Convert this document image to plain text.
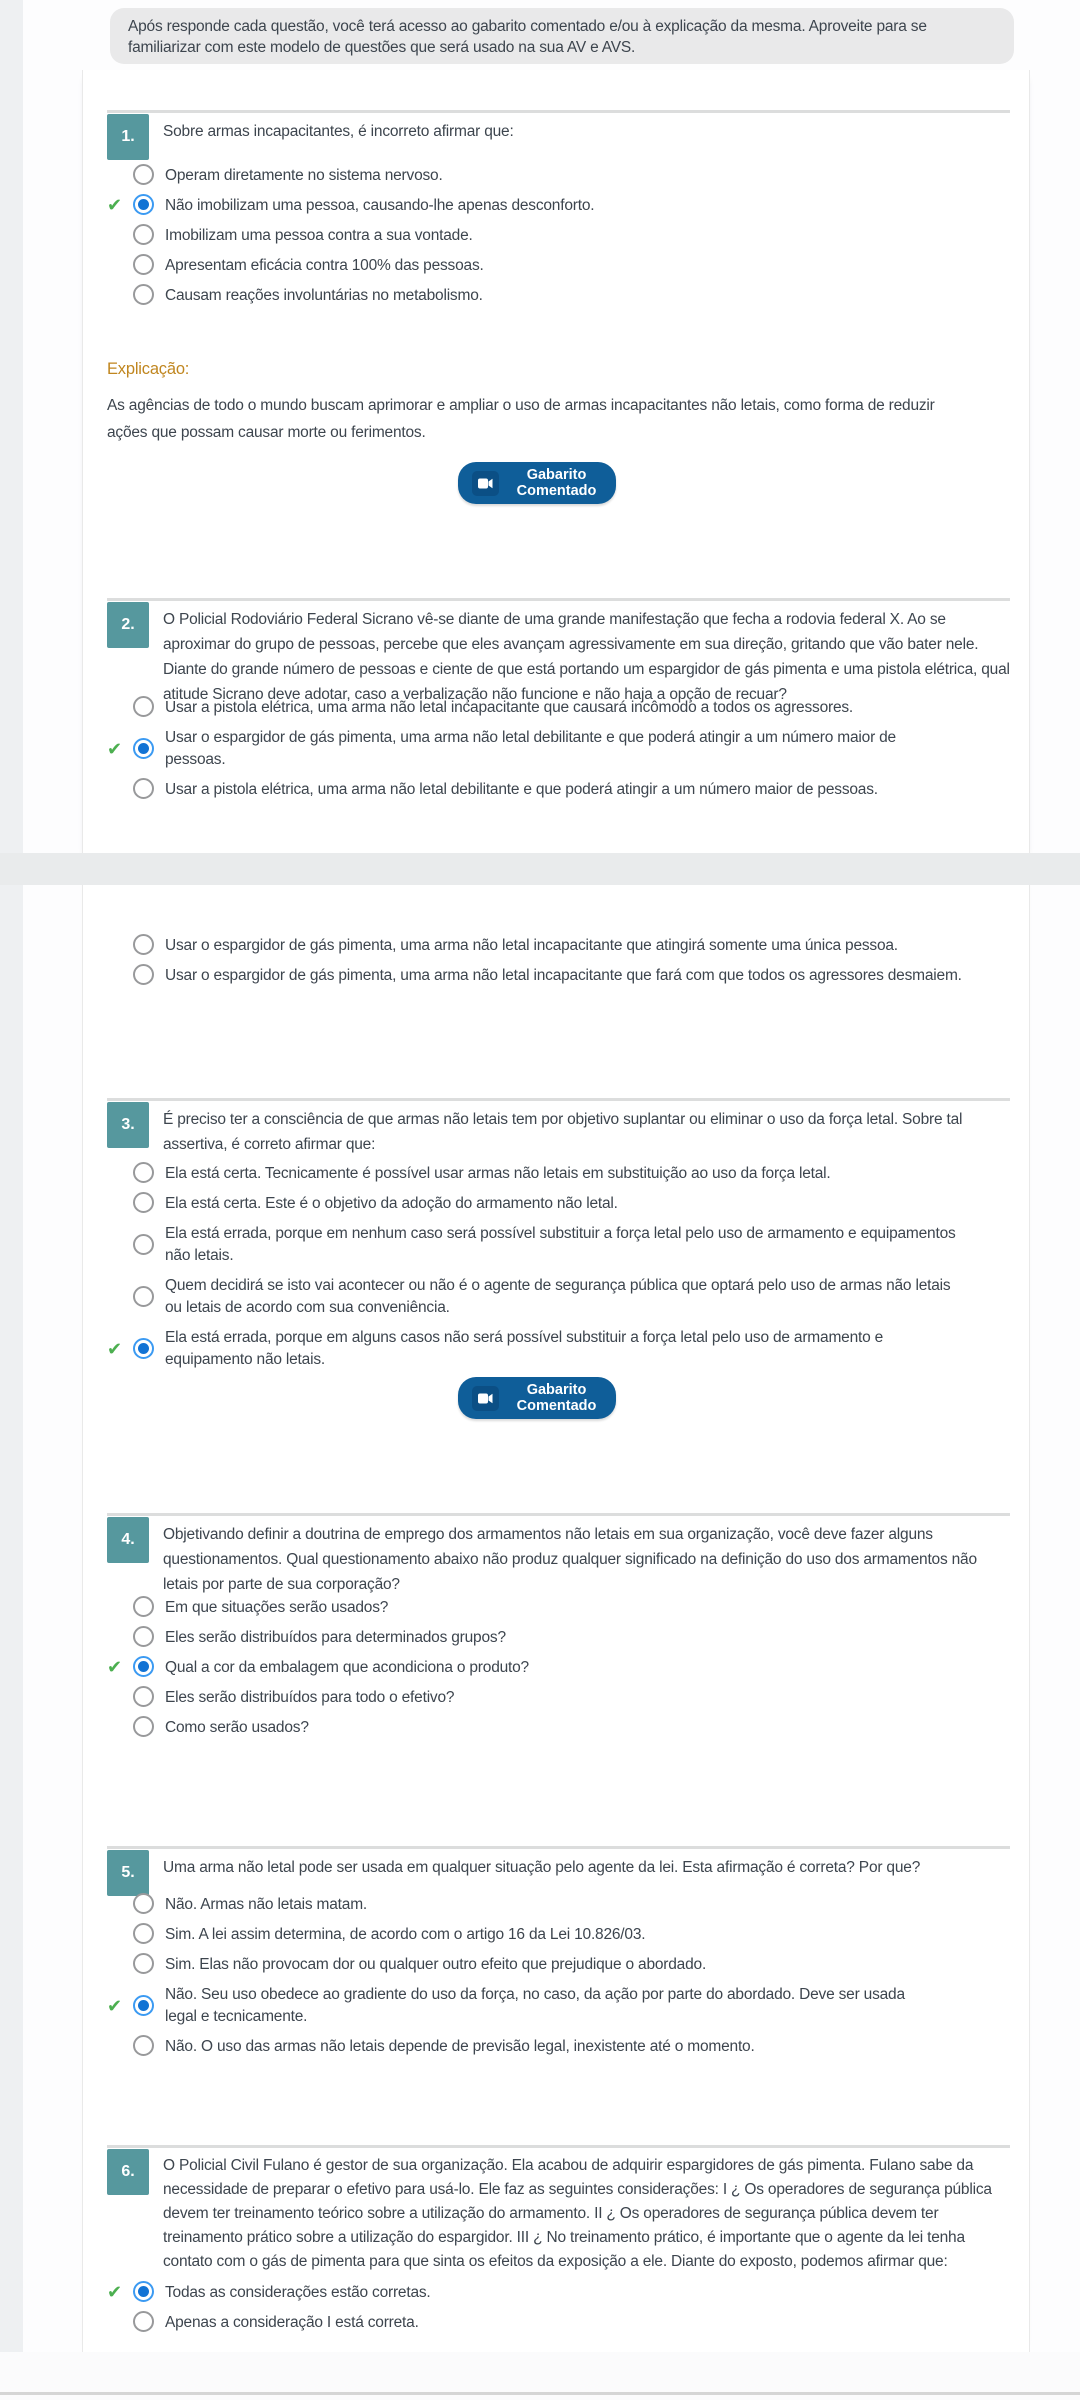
Após responde cada questão, você terá acesso ao gabarito comentado e/ou à explicação da mesma. Aproveite para se familiarizar com este modelo de questões que será usado na sua AV e AVS.
1. Sobre armas incapacitantes, é incorreto afirmar que:
Operam diretamente no sistema nervoso.
✔	Não imobilizam uma pessoa, causando-lhe apenas desconforto.
Imobilizam uma pessoa contra a sua vontade.
Apresentam eficácia contra 100% das pessoas.
Causam reações involuntárias no metabolismo.
Explicação:
As agências de todo o mundo buscam aprimorar e ampliar o uso de armas incapacitantes não letais, como forma de reduzir ações que possam causar morte ou ferimentos.
Gabarito Comentado
2. O Policial Rodoviário Federal Sicrano vê-se diante de uma grande manifestação que fecha a rodovia federal X. Ao se aproximar do grupo de pessoas, percebe que eles avançam agressivamente em sua direção, gritando que vão bater nele. Diante do grande número de pessoas e ciente de que está portando um espargidor de gás pimenta e uma pistola elétrica, qual atitude Sicrano deve adotar, caso a verbalização não funcione e não haja a opção de recuar?
Usar a pistola elétrica, uma arma não letal incapacitante que causará incômodo a todos os agressores.
✔
Usar o espargidor de gás pimenta, uma arma não letal debilitante e que poderá atingir a um número maior de pessoas.
Usar a pistola elétrica, uma arma não letal debilitante e que poderá atingir a um número maior de pessoas.
Usar o espargidor de gás pimenta, uma arma não letal incapacitante que atingirá somente uma única pessoa.
Usar o espargidor de gás pimenta, uma arma não letal incapacitante que fará com que todos os agressores desmaiem.
3. É preciso ter a consciência de que armas não letais tem por objetivo suplantar ou eliminar o uso da força letal. Sobre tal assertiva, é correto afirmar que:
Ela está certa. Tecnicamente é possível usar armas não letais em substituição ao uso da força letal.
Ela está certa. Este é o objetivo da adoção do armamento não letal.
Ela está errada, porque em nenhum caso será possível substituir a força letal pelo uso de armamento e equipamentos não letais.
Quem decidirá se isto vai acontecer ou não é o agente de segurança pública que optará pelo uso de armas não letais ou letais de acordo com sua conveniência.
✔
Ela está errada, porque em alguns casos não será possível substituir a força letal pelo uso de armamento e equipamento não letais.
Gabarito Comentado
4. Objetivando definir a doutrina de emprego dos armamentos não letais em sua organização, você deve fazer alguns questionamentos. Qual questionamento abaixo não produz qualquer significado na definição do uso dos armamentos não letais por parte de sua corporação?
Em que situações serão usados?
Eles serão distribuídos para determinados grupos?
✔	Qual a cor da embalagem que acondiciona o produto?
Eles serão distribuídos para todo o efetivo?
Como serão usados?
5. Uma arma não letal pode ser usada em qualquer situação pelo agente da lei. Esta afirmação é correta? Por que?
Não. Armas não letais matam.
Sim. A lei assim determina, de acordo com o artigo 16 da Lei 10.826/03.
Sim. Elas não provocam dor ou qualquer outro efeito que prejudique o abordado.
✔
Não. Seu uso obedece ao gradiente do uso da força, no caso, da ação por parte do abordado. Deve ser usada legal e tecnicamente.
Não. O uso das armas não letais depende de previsão legal, inexistente até o momento.
6. O Policial Civil Fulano é gestor de sua organização. Ela acabou de adquirir espargidores de gás pimenta. Fulano sabe da necessidade de preparar o efetivo para usá-lo. Ele faz as seguintes considerações: I ¿ Os operadores de segurança pública devem ter treinamento teórico sobre a utilização do armamento. II ¿ Os operadores de segurança pública devem ter treinamento prático sobre a utilização do espargidor. III ¿ No treinamento prático, é importante que o agente da lei tenha contato com o gás de pimenta para que sinta os efeitos da exposição a ele. Diante do exposto, podemos afirmar que:
✔	Todas as considerações estão corretas.
Apenas a consideração I está correta.
